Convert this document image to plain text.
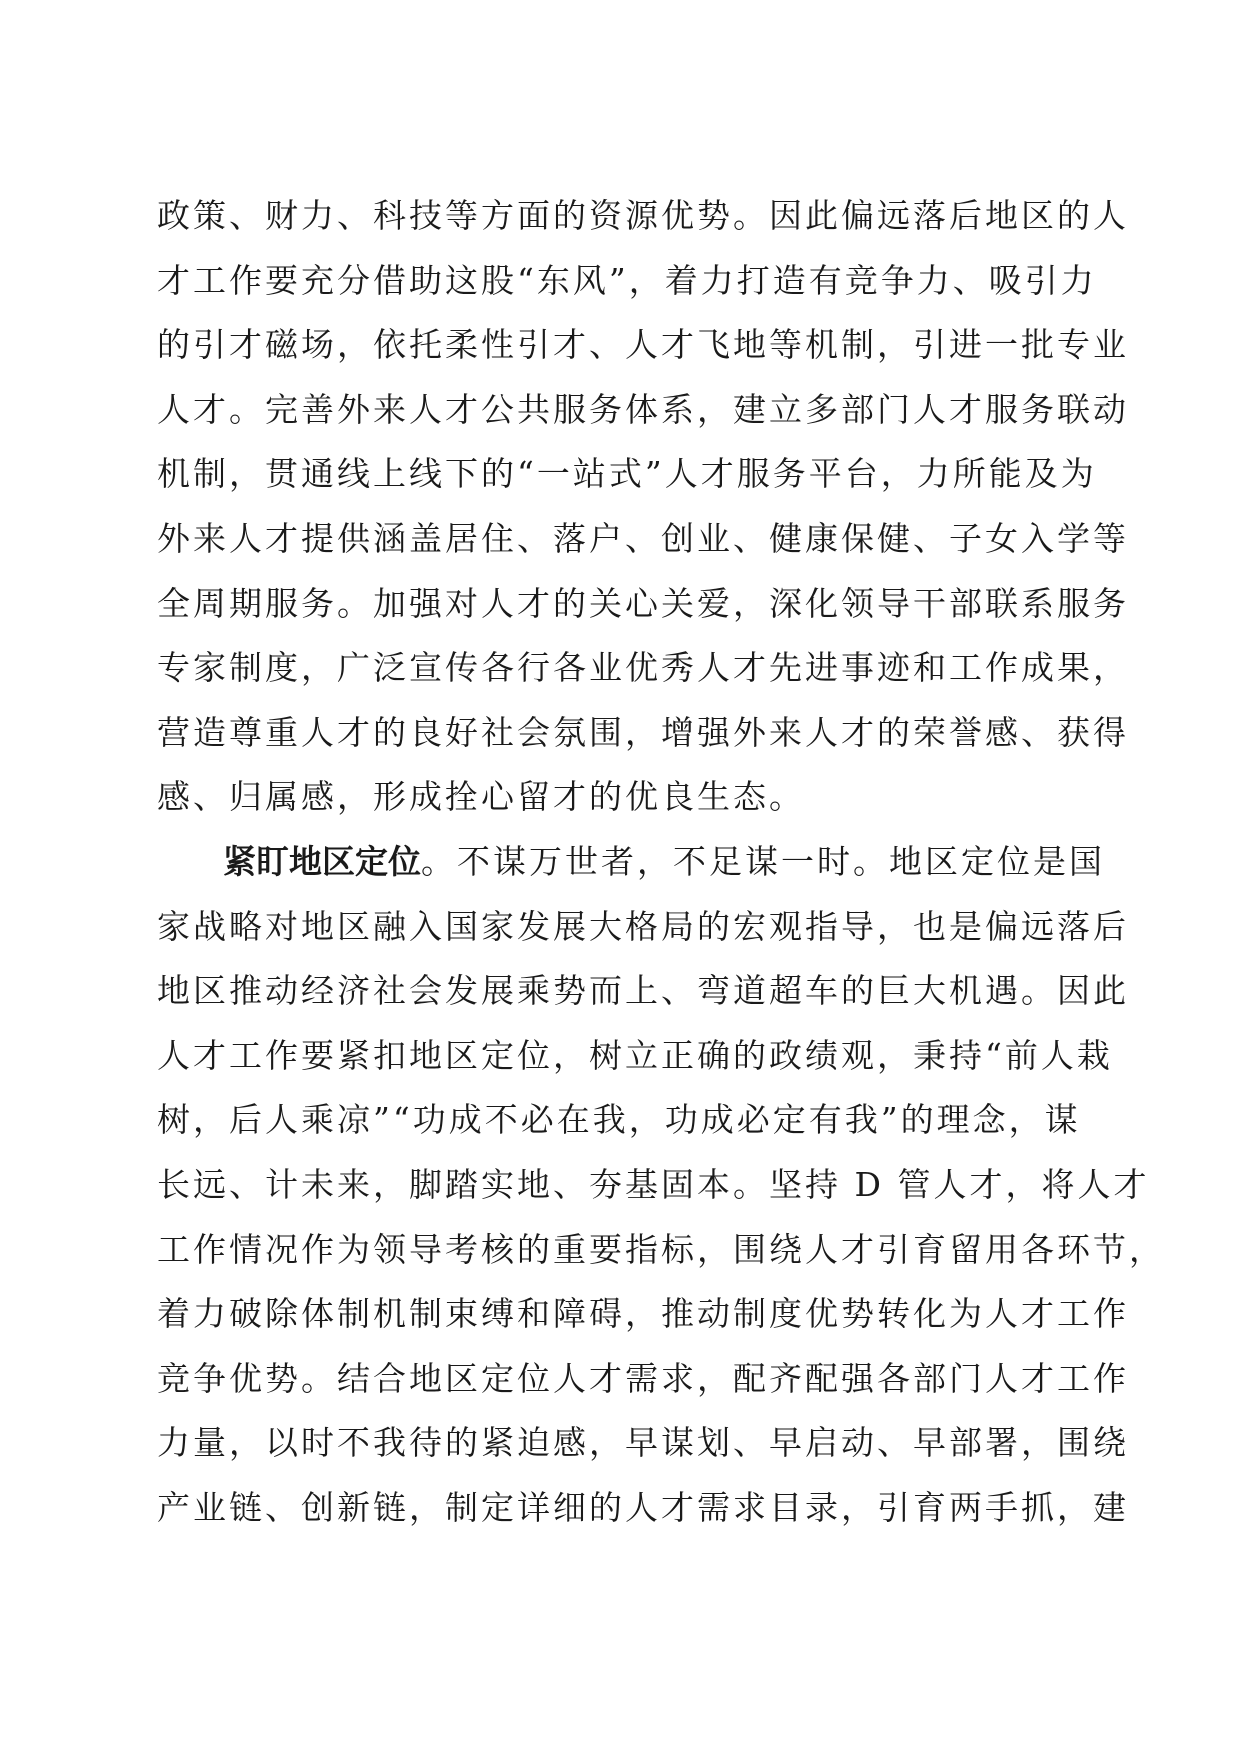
政策、财力、科技等方面的资源优势。因此偏远落后地区的人
才工作要充分借助这股“东风”，着力打造有竞争力、吸引力
的引才磁场，依托柔性引才、人才飞地等机制，引进一批专业
人才。完善外来人才公共服务体系，建立多部门人才服务联动
机制，贯通线上线下的“一站式”人才服务平台，力所能及为
外来人才提供涵盖居住、落户、创业、健康保健、子女入学等
全周期服务。加强对人才的关心关爱，深化领导干部联系服务
专家制度，广泛宣传各行各业优秀人才先进事迹和工作成果，
营造尊重人才的良好社会氛围，增强外来人才的荣誉感、获得
感、归属感，形成拴心留才的优良生态。
紧盯地区定位。不谋万世者，不足谋一时。地区定位是国
家战略对地区融入国家发展大格局的宏观指导，也是偏远落后
地区推动经济社会发展乘势而上、弯道超车的巨大机遇。因此
人才工作要紧扣地区定位，树立正确的政绩观，秉持“前人栽
树，后人乘凉”“功成不必在我，功成必定有我”的理念，谋
长远、计未来，脚踏实地、夯基固本。坚持 D 管人才，将人才
工作情况作为领导考核的重要指标，围绕人才引育留用各环节，
着力破除体制机制束缚和障碍，推动制度优势转化为人才工作
竞争优势。结合地区定位人才需求，配齐配强各部门人才工作
力量，以时不我待的紧迫感，早谋划、早启动、早部署，围绕
产业链、创新链，制定详细的人才需求目录，引育两手抓，建
